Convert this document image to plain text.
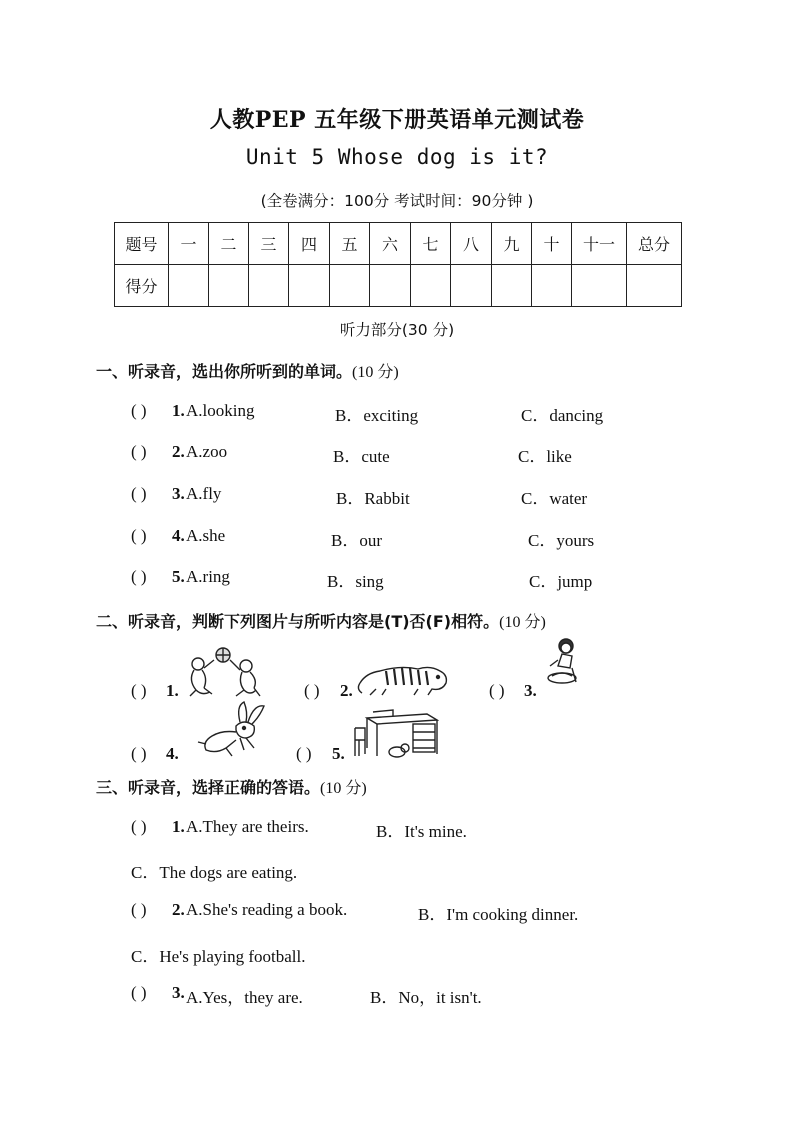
人教PEP 五年级下册英语单元测试卷
Unit 5 Whose dog is it?
(全卷满分：100分 考试时间：90分钟 )
题号	一	二	三	四	五	六	七	八	九	十	十一	总分
得分												
听力部分(30 分)
一、听录音，选出你所听到的单词。(10 分)
( ) 1. A.looking	B．exciting	C．dancing
( ) 2. A.zoo	B．cute	C．like
( ) 3. A.fly	B．Rabbit	C．water
( ) 4. A.she	B．our	C．yours
( ) 5. A.ring	B．sing	C．jump
二、听录音，判断下列图片与所听内容是(T)否(F)相符。(10 分)
( ) 1.	( ) 2.	( ) 3.
( ) 4.	( ) 5.
三、听录音，选择正确的答语。(10 分)
( ) 1. A.They are theirs.	B．It's mine.
C．The dogs are eating.
( ) 2. A.She's reading a book.	B．I'm cooking dinner.
C．He's playing football.
( ) 3. A.Yes，they are.	B．No，it isn't.
